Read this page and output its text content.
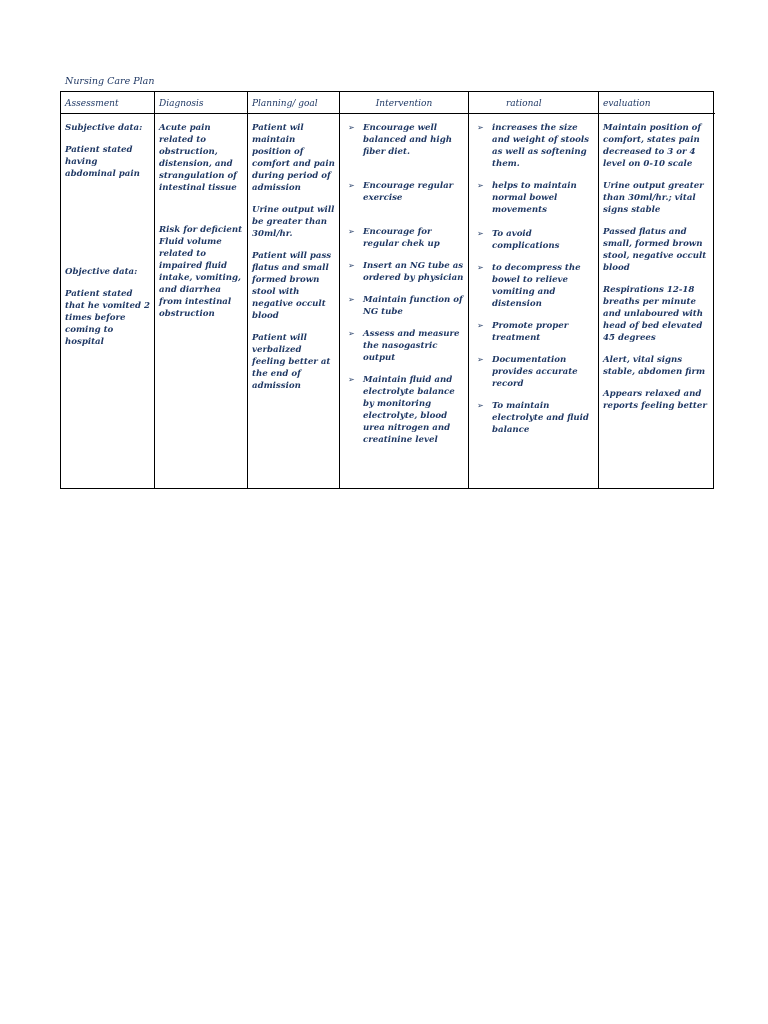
Nursing Care Plan
Assessment
Subjective data:
Patient stated having abdominal pain
Objective data:
Patient stated that he vomited 2 times before coming to hospital
Diagnosis
Acute pain related to obstruction, distension, and strangulation of intestinal tissue
Risk for deficient Fluid volume related to impaired fluid intake, vomiting, and diarrhea from intestinal obstruction
Planning/ goal
Patient wil maintain position of comfort and pain during period of admission
Urine output will be greater than 30ml/hr.
Patient will pass flatus and small formed brown stool with negative occult blood
Patient will verbalized feeling better at the end of admission
Intervention
➢ Encourage well balanced and high fiber diet.
➢ Encourage regular exercise
➢ Encourage for regular chek up
➢ Insert an NG tube as ordered by physician
➢ Maintain function of NG tube
➢ Assess and measure the nasogastric output
➢ Maintain fluid and electrolyte balance by monitoring electrolyte, blood urea nitrogen and creatinine level
rational
➢ increases the size and weight of stools as well as softening them.
➢ helps to maintain normal bowel movements
➢ To avoid complications
➢ to decompress the bowel to relieve vomiting and distension
➢ Promote proper treatment
➢ Documentation provides accurate record
➢ To maintain electrolyte and fluid balance
evaluation
Maintain position of comfort, states pain decreased to 3 or 4 level on 0-10 scale
Urine output greater than 30ml/hr.; vital signs stable
Passed flatus and small, formed brown stool, negative occult blood
Respirations 12-18 breaths per minute and unlaboured with head of bed elevated 45 degrees
Alert, vital signs stable, abdomen firm
Appears relaxed and reports feeling better
